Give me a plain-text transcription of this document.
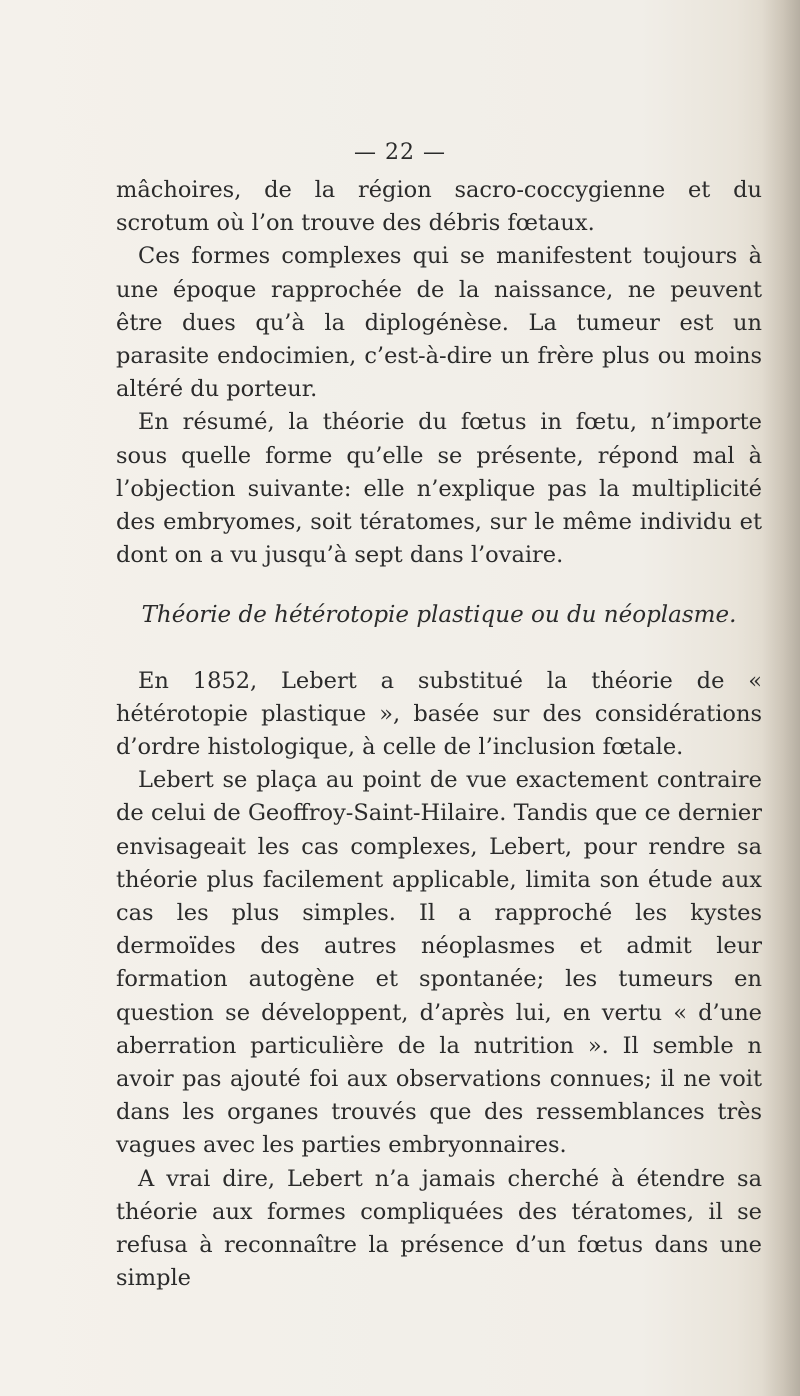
— 22 —

mâchoires, de la région sacro-coccygienne et du scrotum où l’on trouve des débris fœtaux.

Ces formes complexes qui se manifestent toujours à une époque rapprochée de la naissance, ne peuvent être dues qu’à la diplogénèse. La tumeur est un parasite endocimien, c’est-à-dire un frère plus ou moins altéré du porteur.

En résumé, la théorie du fœtus in fœtu, n’importe sous quelle forme qu’elle se présente, répond mal à l’objection suivante: elle n’explique pas la multiplicité des embryomes, soit tératomes, sur le même individu et dont on a vu jusqu’à sept dans l’ovaire.

Théorie de hétérotopie plastique ou du néoplasme.

En 1852, Lebert a substitué la théorie de « hétérotopie plastique », basée sur des considérations d’ordre histologique, à celle de l’inclusion fœtale.

Lebert se plaça au point de vue exactement contraire de celui de Geoffroy-Saint-Hilaire. Tandis que ce dernier envisageait les cas complexes, Lebert, pour rendre sa théorie plus facilement applicable, limita son étude aux cas les plus simples. Il a rapproché les kystes dermoïdes des autres néoplasmes et admit leur formation autogène et spontanée; les tumeurs en question se développent, d’après lui, en vertu « d’une aberration particulière de la nutrition ». Il semble n avoir pas ajouté foi aux observations connues; il ne voit dans les organes trouvés que des ressemblances très vagues avec les parties embryonnaires.

A vrai dire, Lebert n’a jamais cherché à étendre sa théorie aux formes compliquées des tératomes, il se refusa à reconnaître la présence d’un fœtus dans une simple
